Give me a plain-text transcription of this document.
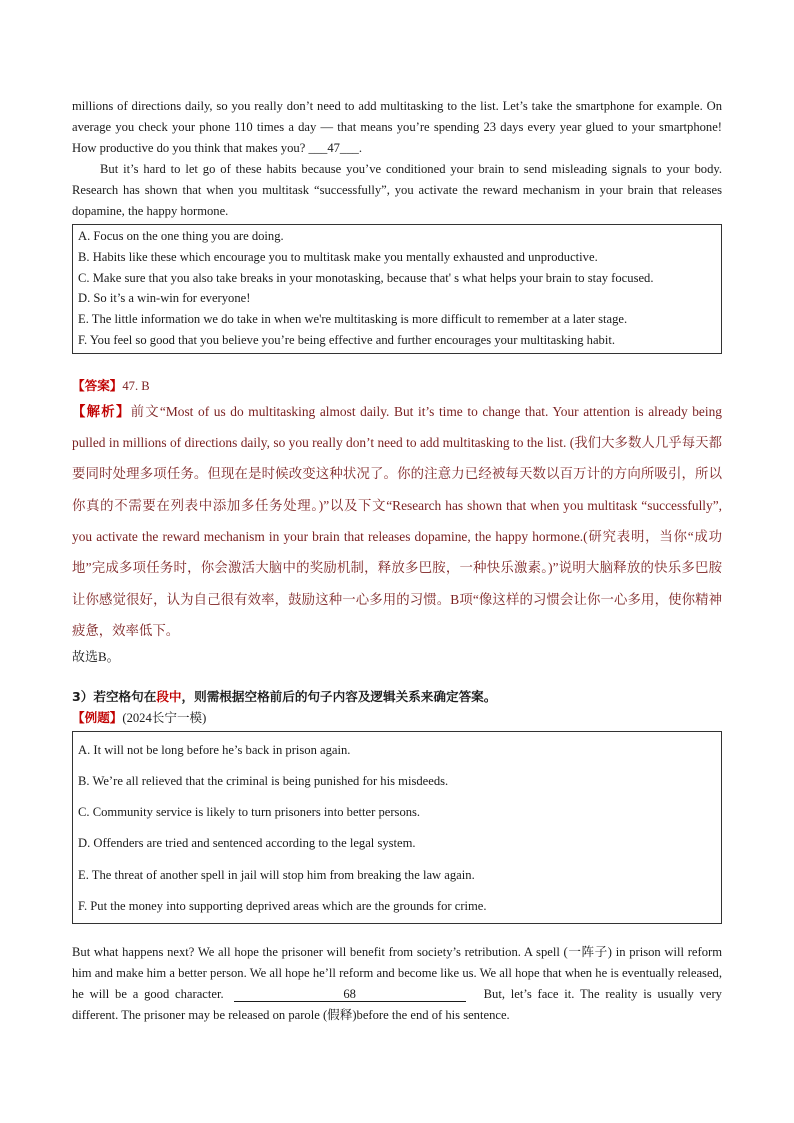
millions of directions daily, so you really don’t need to add multitasking to the list. Let’s take the smartphone for example. On average you check your phone 110 times a day — that means you’re spending 23 days every year glued to your smartphone! How productive do you think that makes you? ___47___.

But it’s hard to let go of these habits because you’ve conditioned your brain to send misleading signals to your body. Research has shown that when you multitask “successfully”, you activate the reward mechanism in your brain that releases dopamine, the happy hormone.

A. Focus on the one thing you are doing.
B. Habits like these which encourage you to multitask make you mentally exhausted and unproductive.
C. Make sure that you also take breaks in your monotasking, because that' s what helps your brain to stay focused.
D. So it’s a win-win for everyone!
E. The little information we do take in when we're multitasking is more difficult to remember at a later stage.
F. You feel so good that you believe you’re being effective and further encourages your multitasking habit.

【答案】47. B

【解析】前文“Most of us do multitasking almost daily. But it’s time to change that. Your attention is already being pulled in millions of directions daily, so you really don’t need to add multitasking to the list. (我们大多数人几乎每天都要同时处理多项任务。但现在是时候改变这种状况了。你的注意力已经被每天数以百万计的方向所吸引，所以你真的不需要在列表中添加多任务处理。)”以及下文“Research has shown that when you multitask “successfully”, you activate the reward mechanism in your brain that releases dopamine, the happy hormone.(研究表明，当你“成功地”完成多项任务时，你会激活大脑中的奖励机制，释放多巴胺，一种快乐激素。)”说明大脑释放的快乐多巴胺让你感觉很好，认为自己很有效率，鼓励这种一心多用的习惯。B项“像这样的习惯会让你一心多用，使你精神疲惫，效率低下。

故选B。

3）若空格句在段中，则需根据空格前后的句子内容及逻辑关系来确定答案。

【例题】(2024长宁一模)

A. It will not be long before he’s back in prison again.
B. We’re all relieved that the criminal is being punished for his misdeeds.
C. Community service is likely to turn prisoners into better persons.
D. Offenders are tried and sentenced according to the legal system.
E. The threat of another spell in jail will stop him from breaking the law again.
F. Put the money into supporting deprived areas which are the grounds for crime.

But what happens next? We all hope the prisoner will benefit from society’s retribution. A spell (一阵子) in prison will reform him and make him a better person. We all hope he’ll reform and become like us. We all hope that when he is eventually released, he will be a good character.	68	But, let’s face it. The reality is usually very different. The prisoner may be released on parole (假释)before the end of his sentence.
